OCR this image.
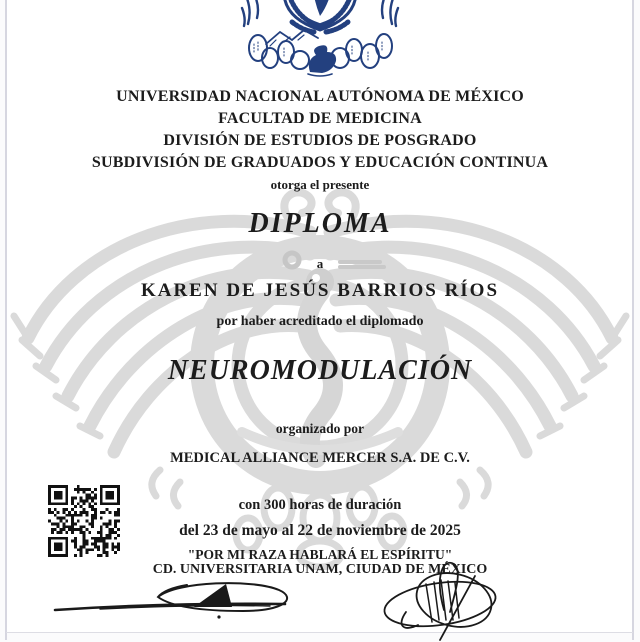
UNIVERSIDAD NACIONAL AUTÓNOMA DE MÉXICO
FACULTAD DE MEDICINA
DIVISIÓN DE ESTUDIOS DE POSGRADO
SUBDIVISIÓN DE GRADUADOS Y EDUCACIÓN CONTINUA
otorga el presente
DIPLOMA
a
KAREN DE JESÚS BARRIOS RÍOS
por haber acreditado el diplomado
NEUROMODULACIÓN
organizado por
MEDICAL ALLIANCE MERCER S.A. DE C.V.
con 300 horas de duración
del 23 de mayo al 22 de noviembre de 2025
"POR MI RAZA HABLARÁ EL ESPÍRITU"
CD. UNIVERSITARIA UNAM, CIUDAD DE MÉXICO
